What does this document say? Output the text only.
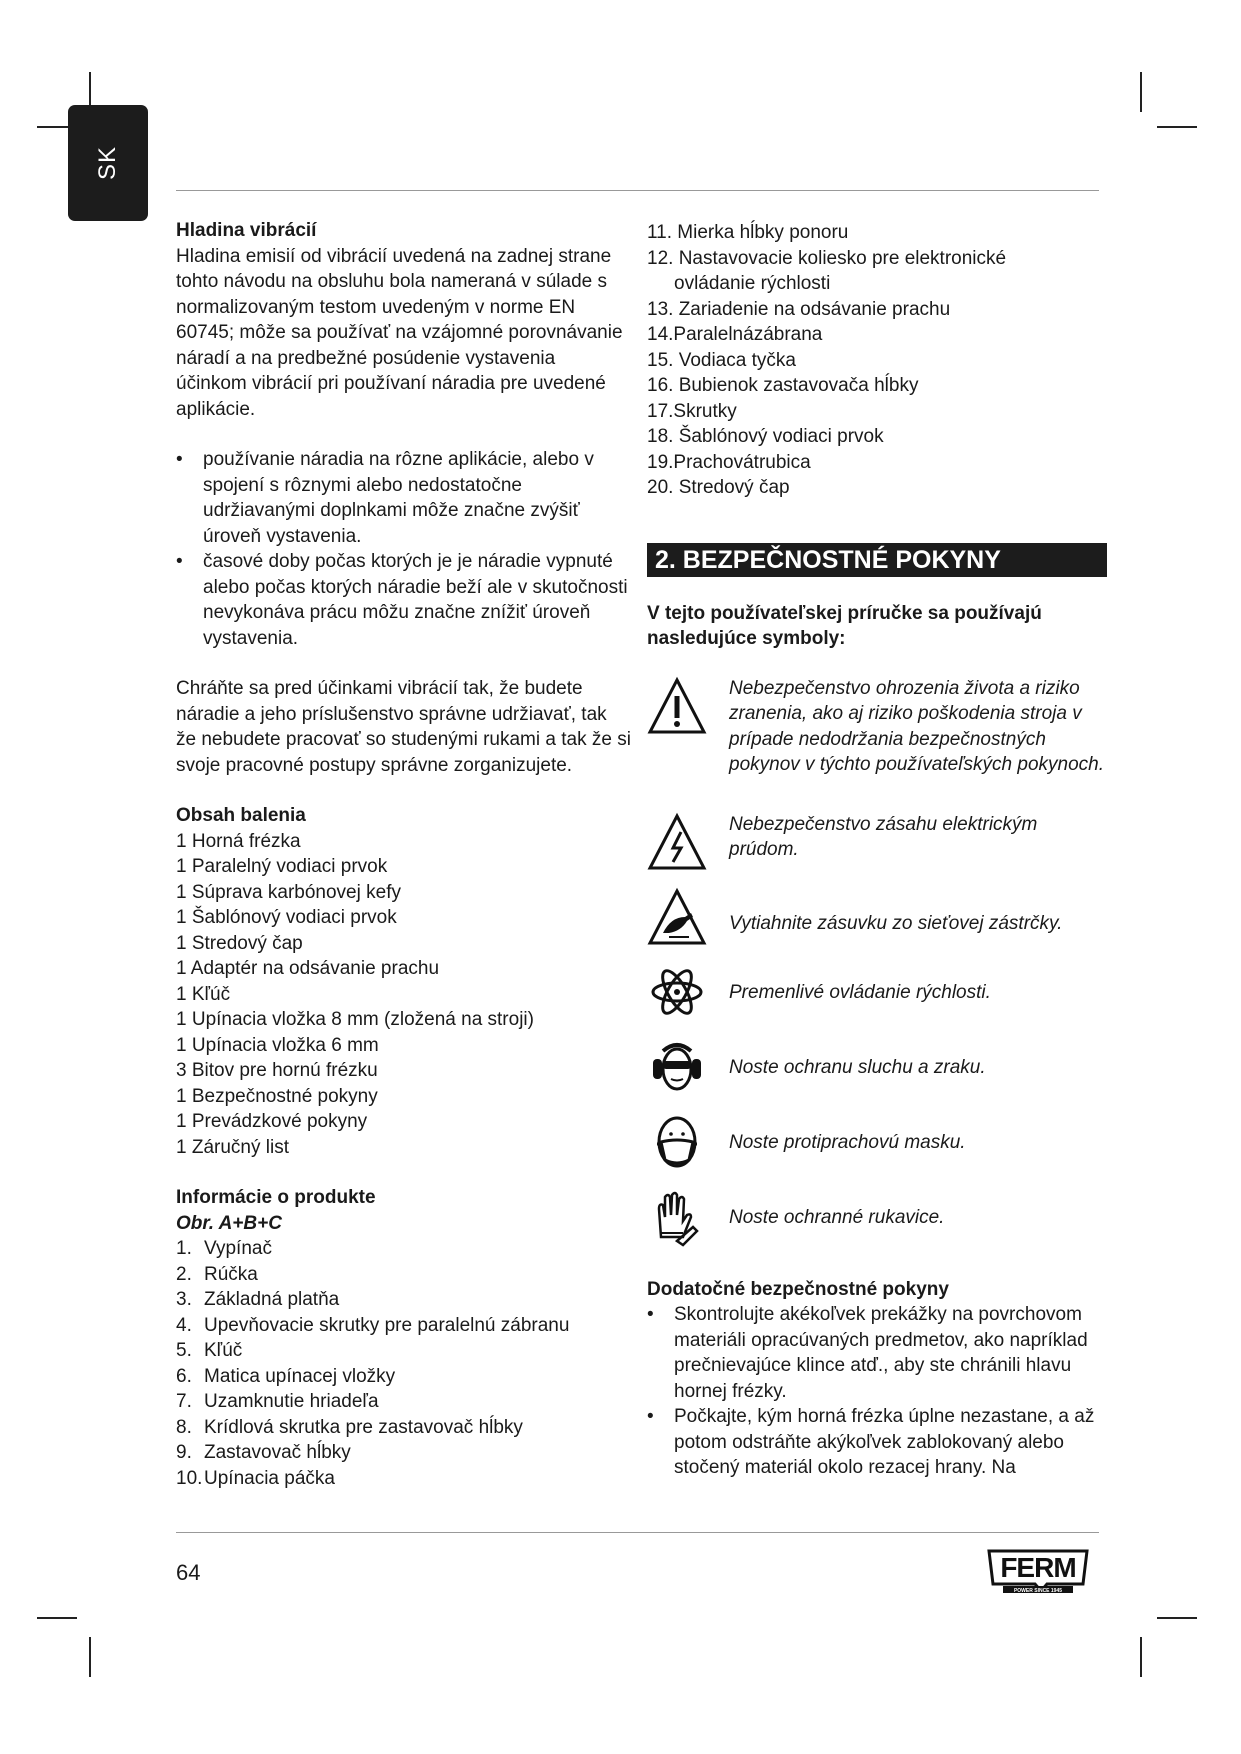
SK
Hladina vibrácií

Hladina emisií od vibrácií uvedená na zadnej strane tohto návodu na obsluhu bola nameraná v súlade s normalizovaným testom uvedeným v norme EN 60745; môže sa používať na vzájomné porovnávanie náradí a na predbežné posúdenie vystavenia účinkom vibrácií pri používaní náradia pre uvedené aplikácie.

• používanie náradia na rôzne aplikácie, alebo v spojení s rôznymi alebo nedostatočne udržiavanými doplnkami môže značne zvýšiť úroveň vystavenia.
• časové doby počas ktorých je je náradie vypnuté alebo počas ktorých náradie beží ale v skutočnosti nevykonáva prácu môžu značne znížiť úroveň vystavenia.

Chráňte sa pred účinkami vibrácií tak, že budete náradie a jeho príslušenstvo správne udržiavať, tak že nebudete pracovať so studenými rukami a tak že si svoje pracovné postupy správne zorganizujete.

Obsah balenia
1 Horná frézka
1 Paralelný vodiaci prvok
1 Súprava karbónovej kefy
1 Šablónový vodiaci prvok
1 Stredový čap
1 Adaptér na odsávanie prachu
1 Kľúč
1 Upínacia vložka 8 mm (zložená na stroji)
1 Upínacia vložka 6 mm
3 Bitov pre hornú frézku
1 Bezpečnostné pokyny
1 Prevádzkové pokyny
1 Záručný list
Informácie o produkte
Obr. A+B+C
1. Vypínač
2. Rúčka
3. Základná platňa
4. Upevňovacie skrutky pre paralelnú zábranu
5. Kľúč
6. Matica upínacej vložky
7. Uzamknutie hriadeľa
8. Krídlová skrutka pre zastavovač hĺbky
9. Zastavovač hĺbky
10. Upínacia páčka
11. Mierka hĺbky ponoru
12. Nastavovacie koliesko pre elektronické
ovládanie rýchlosti
13. Zariadenie na odsávanie prachu
14.Paralelnázábrana
15. Vodiaca tyčka
16. Bubienok zastavovača hĺbky
17.Skrutky
18. Šablónový vodiaci prvok
19.Prachovátrubica
20. Stredový čap
2. BEZPEČNOSTNÉ POKYNY
V tejto používateľskej príručke sa používajú nasledujúce symboly:
Nebezpečenstvo ohrozenia života a riziko zranenia, ako aj riziko poškodenia stroja v prípade nedodržania bezpečnostných pokynov v týchto používateľských pokynoch.
Nebezpečenstvo zásahu elektrickým prúdom.
Vytiahnite zásuvku zo sieťovej zástrčky.
Premenlivé ovládanie rýchlosti.
Noste ochranu sluchu a zraku.
Noste protiprachovú masku.
Noste ochranné rukavice.
Dodatočné bezpečnostné pokyny
• Skontrolujte akékoľvek prekážky na povrchovom materiáli opracúvaných predmetov, ako napríklad prečnievajúce klince atď., aby ste chránili hlavu hornej frézky.
• Počkajte, kým horná frézka úplne nezastane, a až potom odstráňte akýkoľvek zablokovaný alebo stočený materiál okolo rezacej hrany. Na
64	FERM
POWER SINCE 1945
